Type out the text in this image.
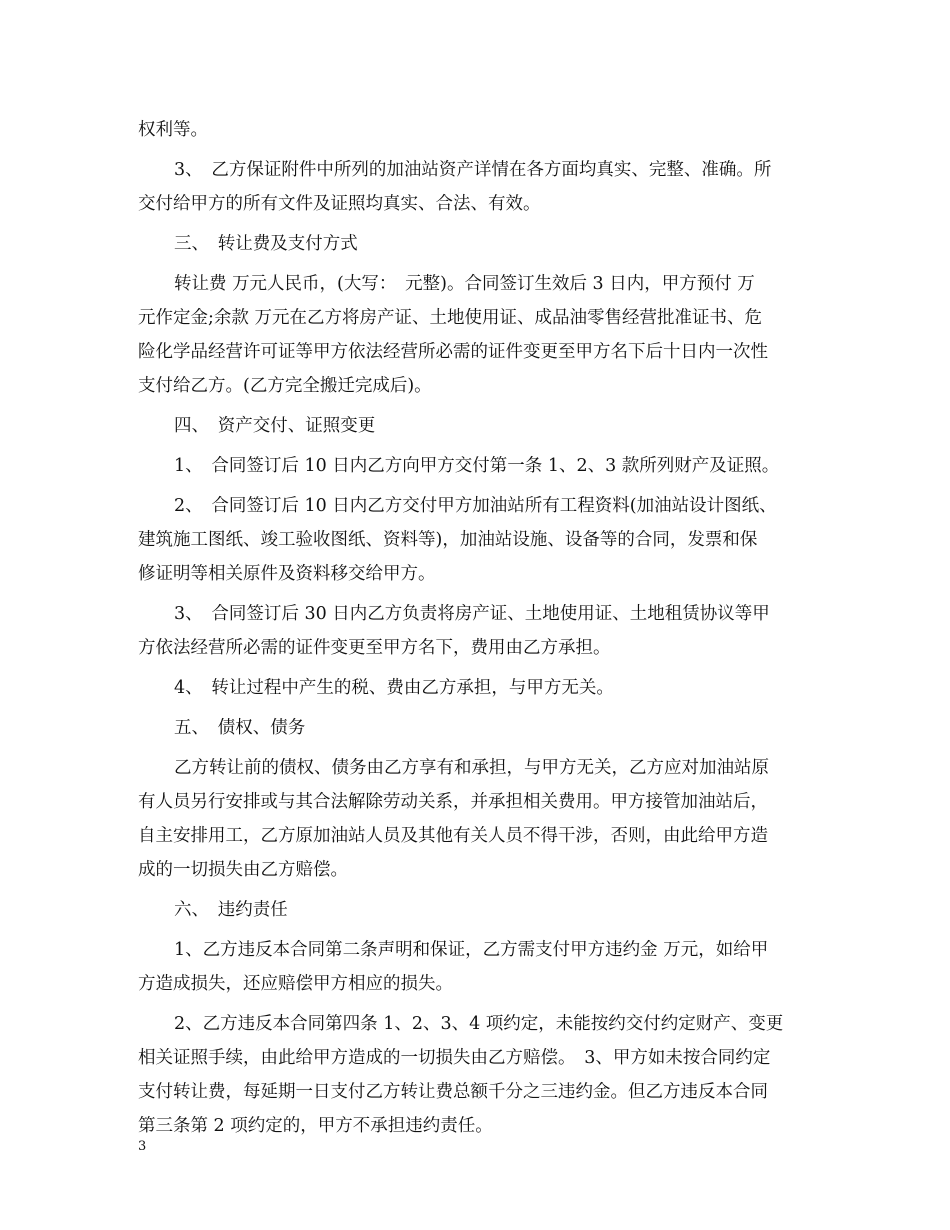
权利等。
3、　乙方保证附件中所列的加油站资产详情在各方面均真实、完整、准确。所
交付给甲方的所有文件及证照均真实、合法、有效。
三、　转让费及支付方式
转让费 万元人民币，(大写：　元整)。合同签订生效后 3 日内，甲方预付 万
元作定金;余款 万元在乙方将房产证、土地使用证、成品油零售经营批准证书、危
险化学品经营许可证等甲方依法经营所必需的证件变更至甲方名下后十日内一次性
支付给乙方。(乙方完全搬迁完成后)。
四、　资产交付、证照变更
1、　合同签订后 10 日内乙方向甲方交付第一条 1、2、3 款所列财产及证照。
2、　合同签订后 10 日内乙方交付甲方加油站所有工程资料(加油站设计图纸、
建筑施工图纸、竣工验收图纸、资料等)，加油站设施、设备等的合同，发票和保
修证明等相关原件及资料移交给甲方。
3、　合同签订后 30 日内乙方负责将房产证、土地使用证、土地租赁协议等甲
方依法经营所必需的证件变更至甲方名下，费用由乙方承担。
4、　转让过程中产生的税、费由乙方承担，与甲方无关。
五、　债权、债务
乙方转让前的债权、债务由乙方享有和承担，与甲方无关，乙方应对加油站原
有人员另行安排或与其合法解除劳动关系，并承担相关费用。甲方接管加油站后，
自主安排用工，乙方原加油站人员及其他有关人员不得干涉，否则，由此给甲方造
成的一切损失由乙方赔偿。
六、　违约责任
1、乙方违反本合同第二条声明和保证，乙方需支付甲方违约金 万元，如给甲
方造成损失，还应赔偿甲方相应的损失。
2、乙方违反本合同第四条 1、2、3、4 项约定，未能按约交付约定财产、变更
相关证照手续，由此给甲方造成的一切损失由乙方赔偿。　3、甲方如未按合同约定
支付转让费，每延期一日支付乙方转让费总额千分之三违约金。但乙方违反本合同
第三条第 2 项约定的，甲方不承担违约责任。
3
